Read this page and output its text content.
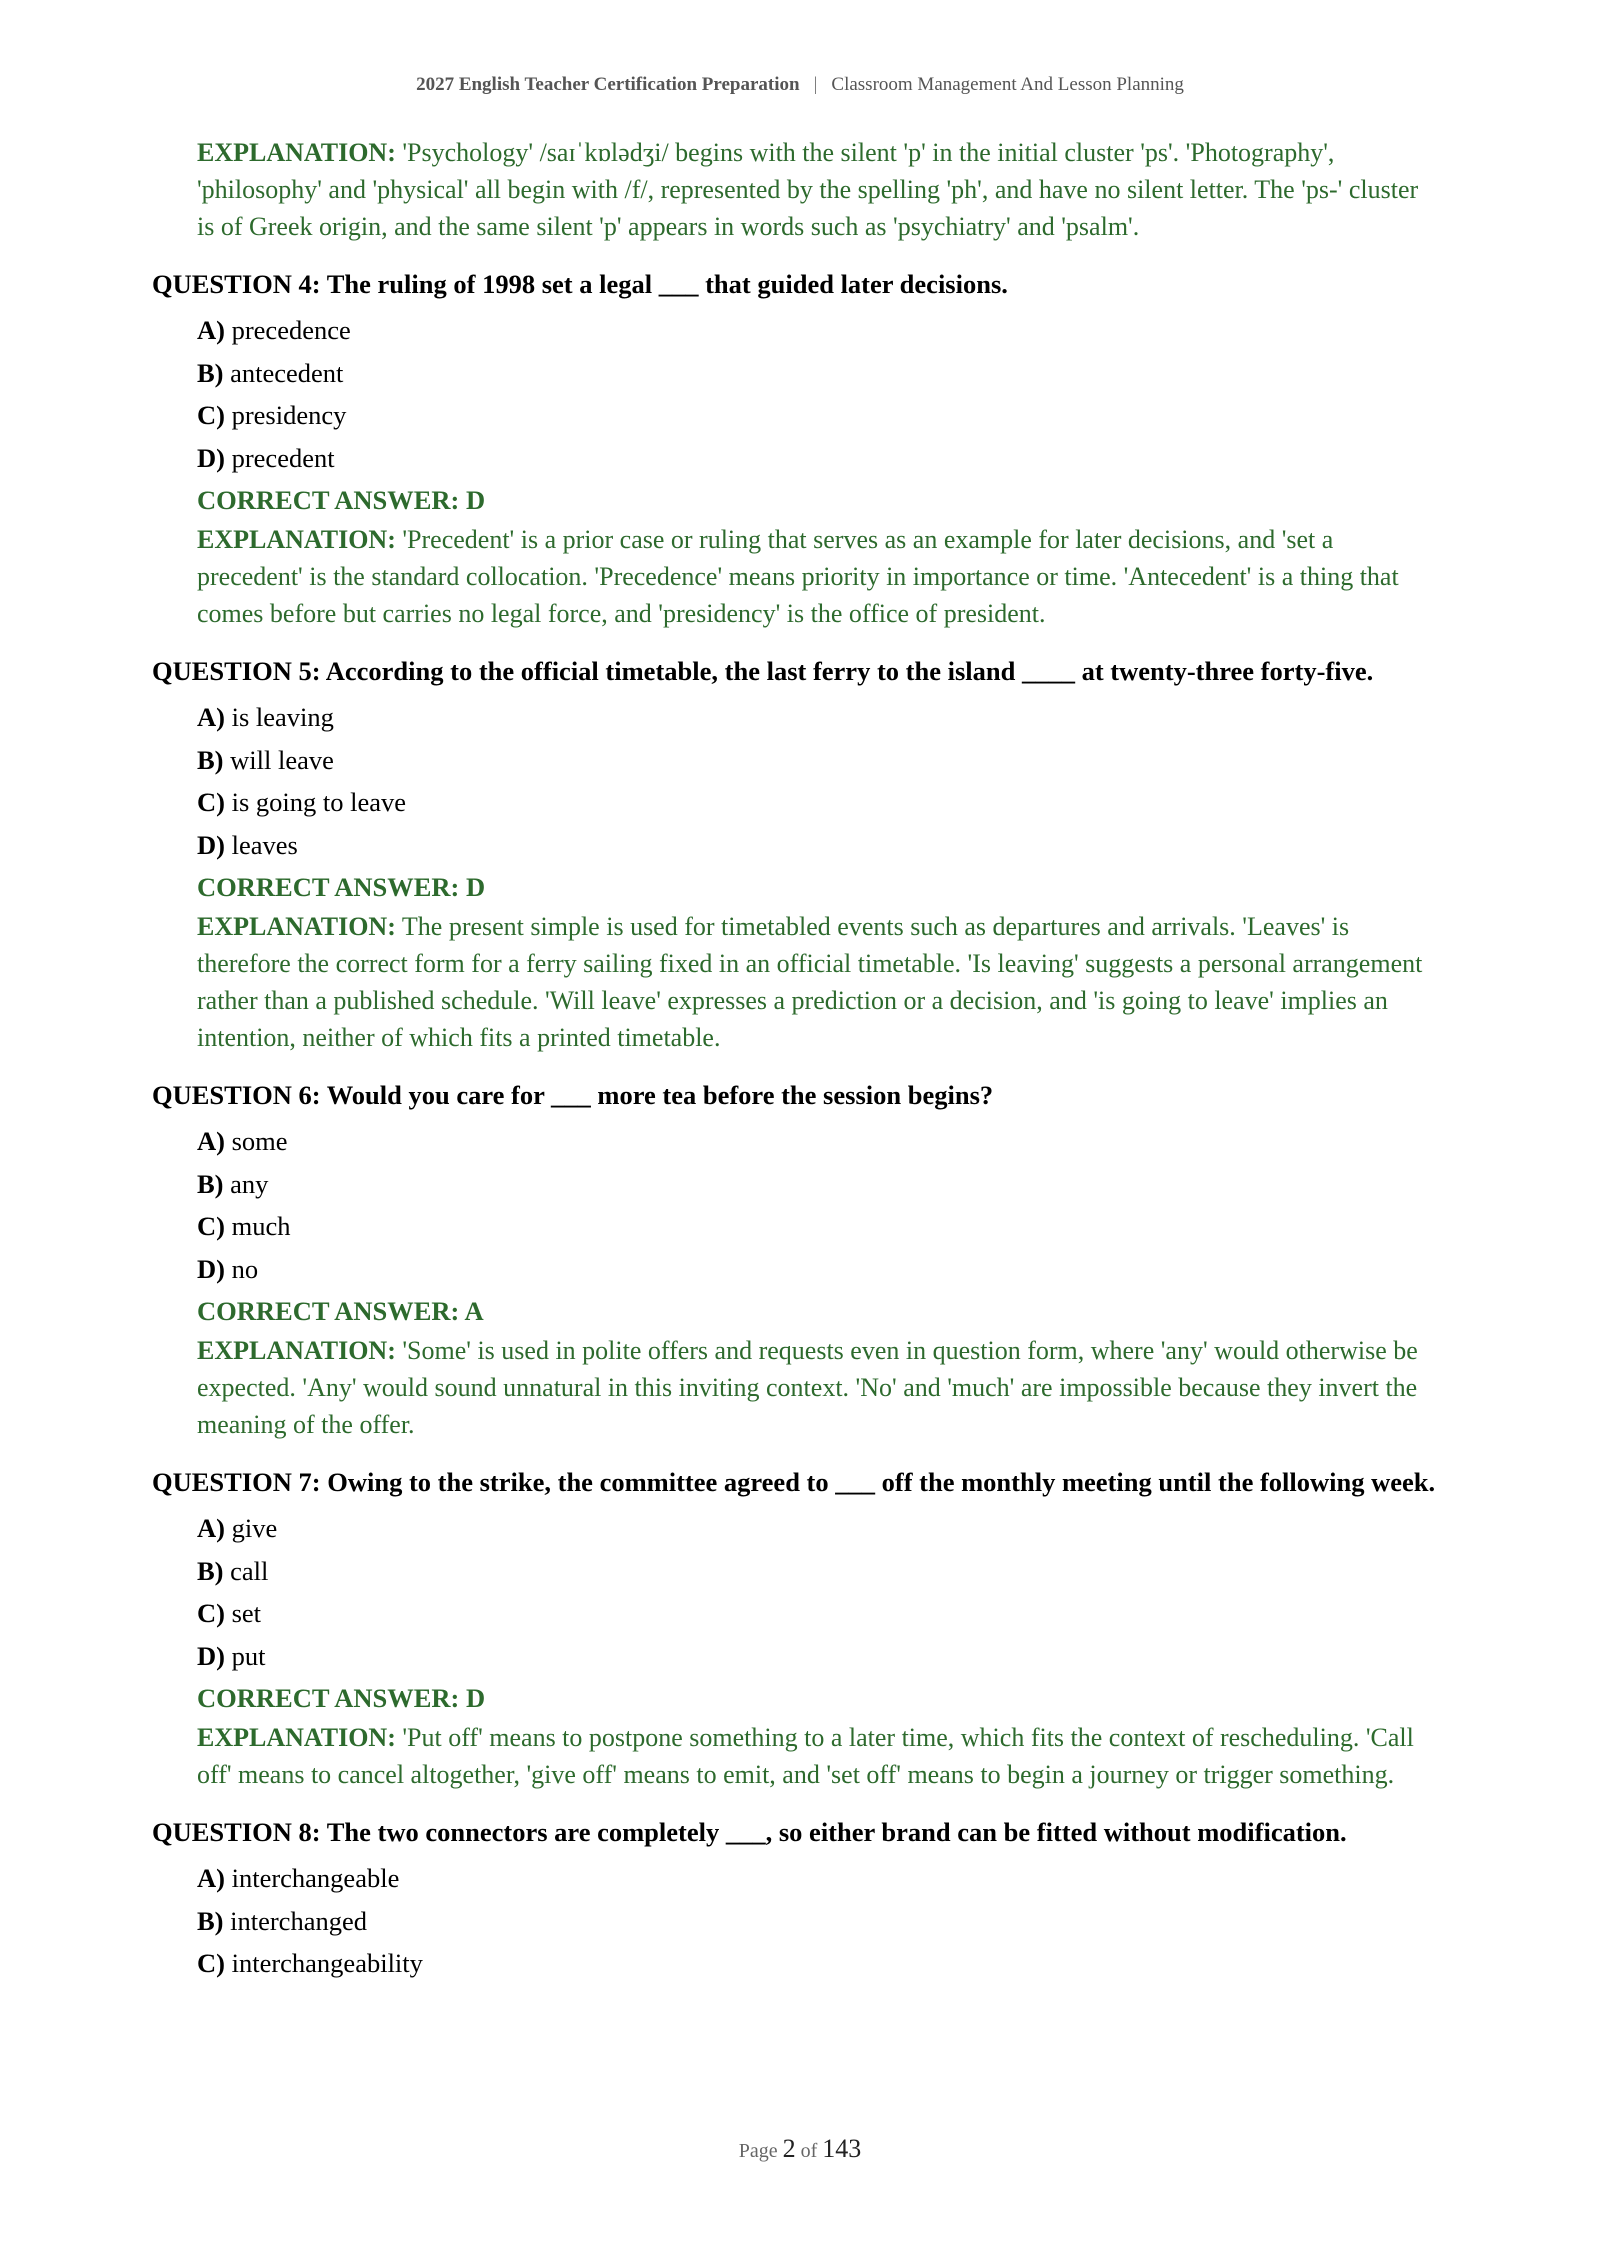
2027 English Teacher Certification Preparation | Classroom Management And Lesson Planning

EXPLANATION: 'Psychology' /saɪˈkɒlədʒi/ begins with the silent 'p' in the initial cluster 'ps'. 'Photography', 'philosophy' and 'physical' all begin with /f/, represented by the spelling 'ph', and have no silent letter. The 'ps-' cluster is of Greek origin, and the same silent 'p' appears in words such as 'psychiatry' and 'psalm'.

QUESTION 4: The ruling of 1998 set a legal ___ that guided later decisions.
A) precedence
B) antecedent
C) presidency
D) precedent
CORRECT ANSWER: D

EXPLANATION: 'Precedent' is a prior case or ruling that serves as an example for later decisions, and 'set a precedent' is the standard collocation. 'Precedence' means priority in importance or time. 'Antecedent' is a thing that comes before but carries no legal force, and 'presidency' is the office of president.

QUESTION 5: According to the official timetable, the last ferry to the island ____ at twenty-three forty-five.
A) is leaving
B) will leave
C) is going to leave
D) leaves
CORRECT ANSWER: D

EXPLANATION: The present simple is used for timetabled events such as departures and arrivals. 'Leaves' is therefore the correct form for a ferry sailing fixed in an official timetable. 'Is leaving' suggests a personal arrangement rather than a published schedule. 'Will leave' expresses a prediction or a decision, and 'is going to leave' implies an intention, neither of which fits a printed timetable.

QUESTION 6: Would you care for ___ more tea before the session begins?
A) some
B) any
C) much
D) no
CORRECT ANSWER: A

EXPLANATION: 'Some' is used in polite offers and requests even in question form, where 'any' would otherwise be expected. 'Any' would sound unnatural in this inviting context. 'No' and 'much' are impossible because they invert the meaning of the offer.

QUESTION 7: Owing to the strike, the committee agreed to ___ off the monthly meeting until the following week.
A) give
B) call
C) set
D) put
CORRECT ANSWER: D

EXPLANATION: 'Put off' means to postpone something to a later time, which fits the context of rescheduling. 'Call off' means to cancel altogether, 'give off' means to emit, and 'set off' means to begin a journey or trigger something.

QUESTION 8: The two connectors are completely ___, so either brand can be fitted without modification.
A) interchangeable
B) interchanged
C) interchangeability
Page 2 of 143
